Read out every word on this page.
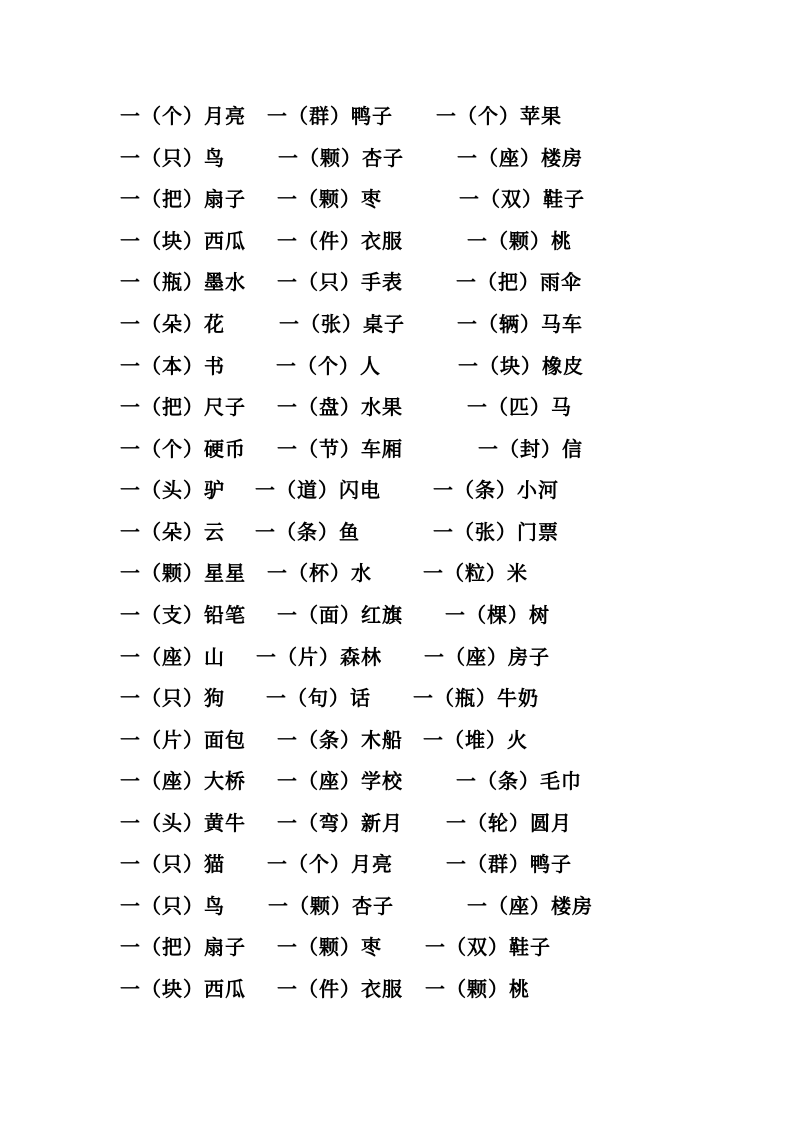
一（个）月亮 一（群）鸭子 一（个）苹果
一（只）鸟	一（颗）杏子	一（座）楼房
一（把）扇子 一（颗）枣	一（双）鞋子
一（块）西瓜 一（件）衣服	一（颗）桃
一（瓶）墨水 一（只）手表	一（把）雨伞
一（朵）花	一（张）桌子	一（辆）马车
一（本）书	一（个）人	一（块）橡皮
一（把）尺子 一（盘）水果	一（匹）马
一（个）硬币 一（节）车厢	一（封）信
一（头）驴 一（道）闪电	一（条）小河
一（朵）云 一（条）鱼	一（张）门票
一（颗）星星 一（杯）水	一（粒）米
一（支）铅笔 一（面）红旗 一（棵）树
一（座）山 一（片）森林 一（座）房子
一（只）狗 一（句）话 一（瓶）牛奶
一（片）面包 一（条）木船 一（堆）火
一（座）大桥 一（座）学校	一（条）毛巾
一（头）黄牛 一（弯）新月 一（轮）圆月
一（只）猫 一（个）月亮	一（群）鸭子
一（只）鸟 一（颗）杏子	一（座）楼房
一（把）扇子 一（颗）枣 一（双）鞋子
一（块）西瓜 一（件）衣服 一（颗）桃
